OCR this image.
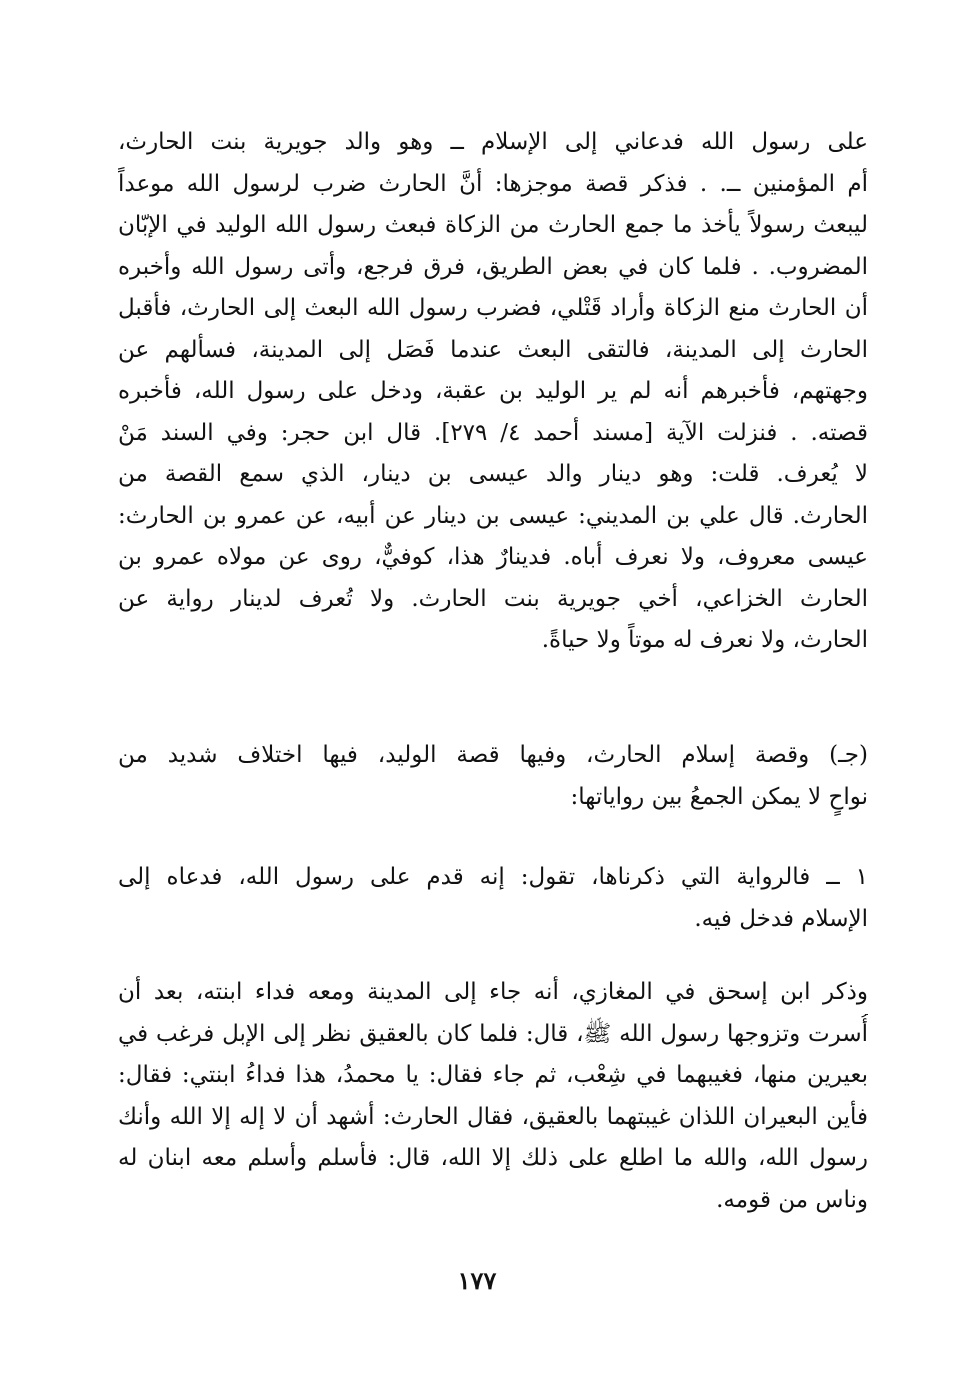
على رسول الله فدعاني إلى الإسلام ــ وهو والد جويرية بنت الحارث،
أم المؤمنين ــ. . فذكر قصة موجزها: أنَّ الحارث ضرب لرسول الله موعداً
ليبعث رسولاً يأخذ ما جمع الحارث من الزكاة فبعث رسول الله الوليد في الإبّان
المضروب. . فلما كان في بعض الطريق، فرق فرجع، وأتى رسول الله وأخبره
أن الحارث منع الزكاة وأراد قَتْلي، فضرب رسول الله البعث إلى الحارث، فأقبل
الحارث إلى المدينة، فالتقى البعث عندما فَصَل إلى المدينة، فسألهم عن
وجهتهم، فأخبرهم أنه لم ير الوليد بن عقبة، ودخل على رسول الله، فأخبره
قصته. . فنزلت الآية [مسند أحمد ٤/ ٢٧٩]. قال ابن حجر: وفي السند مَنْ
لا يُعرف. قلت: وهو دينار والد عيسى بن دينار، الذي سمع القصة من
الحارث. قال علي بن المديني: عيسى بن دينار عن أبيه، عن عمرو بن الحارث:
عيسى معروف، ولا نعرف أباه. فدينارٌ هذا، كوفيٌّ، روى عن مولاه عمرو بن
الحارث الخزاعي، أخي جويرية بنت الحارث. ولا تُعرف لدينار رواية عن
الحارث، ولا نعرف له موتاً ولا حياةً.
(جـ) وقصة إسلام الحارث، وفيها قصة الوليد، فيها اختلاف شديد من
نواحٍ لا يمكن الجمعُ بين رواياتها:
١ ــ فالرواية التي ذكرناها، تقول: إنه قدم على رسول الله، فدعاه إلى
الإسلام فدخل فيه.
وذكر ابن إسحق في المغازي، أنه جاء إلى المدينة ومعه فداء ابنته، بعد أن
أُسرت وتزوجها رسول الله ﷺ، قال: فلما كان بالعقيق نظر إلى الإبل فرغب في
بعيرين منها، فغيبهما في شِعْب، ثم جاء فقال: يا محمدُ، هذا فداءُ ابنتي: فقال:
فأين البعيران اللذان غيبتهما بالعقيق، فقال الحارث: أشهد أن لا إله إلا الله وأنك
رسول الله، والله ما اطلع على ذلك إلا الله، قال: فأسلم وأسلم معه ابنان له
وناس من قومه.
١٧٧
